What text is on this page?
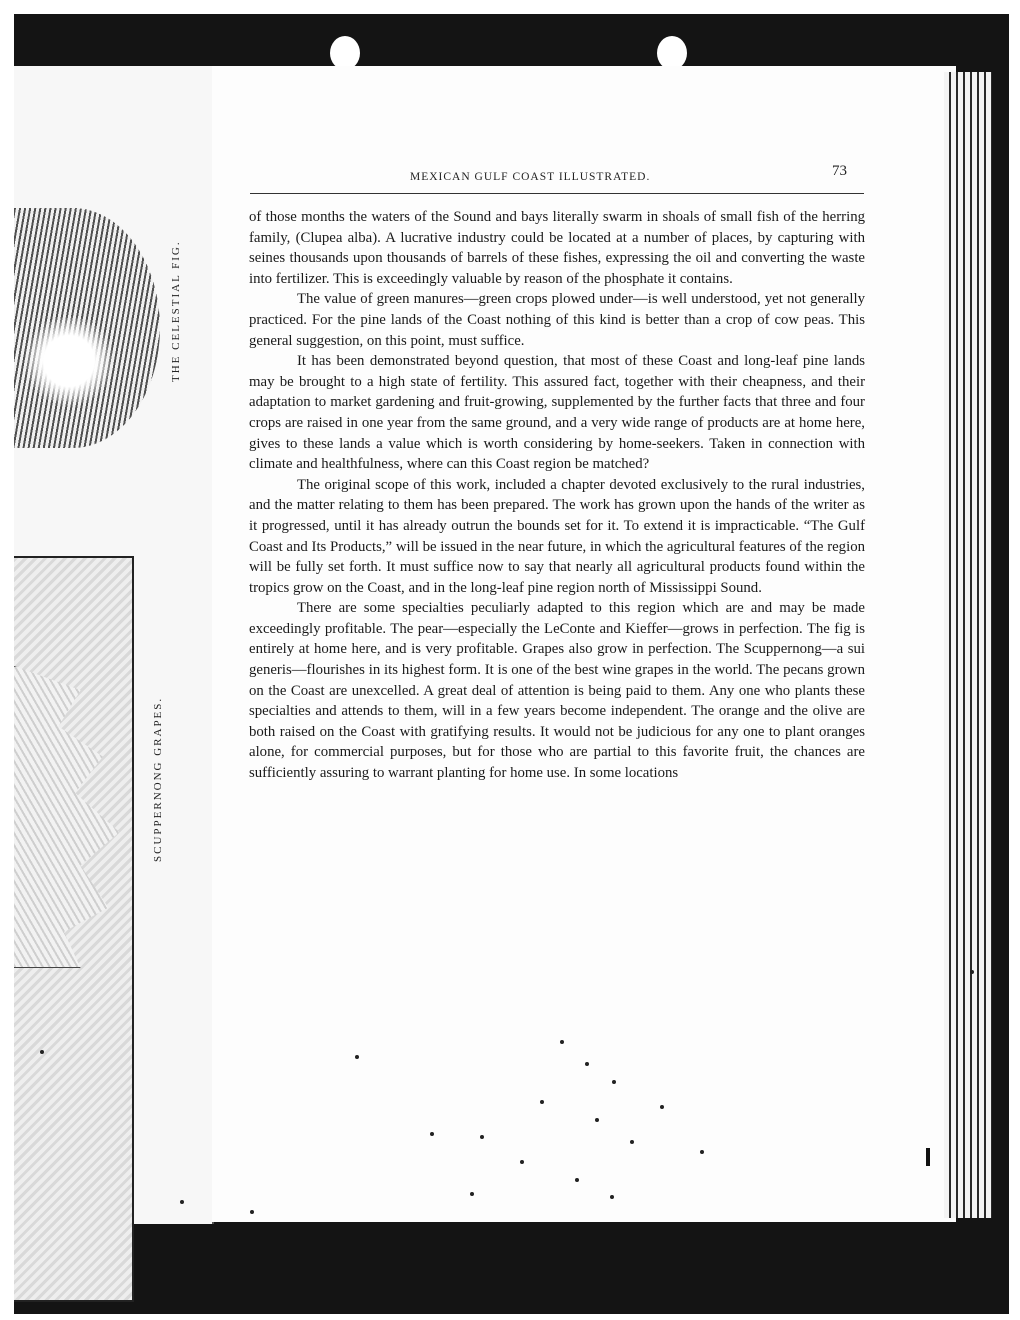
THE CELESTIAL FIG.
SCUPPERNONG GRAPES.
MEXICAN GULF COAST ILLUSTRATED.	73

of those months the waters of the Sound and bays literally swarm in shoals of small fish of the herring family, (Clupea alba). A lucrative industry could be located at a number of places, by capturing with seines thousands upon thousands of barrels of these fishes, expressing the oil and converting the waste into fertilizer. This is exceedingly valuable by reason of the phosphate it contains.

The value of green manures—green crops plowed under—is well understood, yet not generally practiced. For the pine lands of the Coast nothing of this kind is better than a crop of cow peas. This general suggestion, on this point, must suffice.

It has been demonstrated beyond question, that most of these Coast and long-leaf pine lands may be brought to a high state of fertility. This assured fact, together with their cheapness, and their adaptation to market gardening and fruit-growing, supplemented by the further facts that three and four crops are raised in one year from the same ground, and a very wide range of products are at home here, gives to these lands a value which is worth considering by home-seekers. Taken in connection with climate and healthfulness, where can this Coast region be matched?

The original scope of this work, included a chapter devoted exclusively to the rural industries, and the matter relating to them has been prepared. The work has grown upon the hands of the writer as it progressed, until it has already outrun the bounds set for it. To extend it is impracticable. “The Gulf Coast and Its Products,” will be issued in the near future, in which the agricultural features of the region will be fully set forth. It must suffice now to say that nearly all agricultural products found within the tropics grow on the Coast, and in the long-leaf pine region north of Mississippi Sound.

There are some specialties peculiarly adapted to this region which are and may be made exceedingly profitable. The pear—especially the LeConte and Kieffer—grows in perfection. The fig is entirely at home here, and is very profitable. Grapes also grow in perfection. The Scuppernong—a sui generis—flourishes in its highest form. It is one of the best wine grapes in the world. The pecans grown on the Coast are unexcelled. A great deal of attention is being paid to them. Any one who plants these specialties and attends to them, will in a few years become independent. The orange and the olive are both raised on the Coast with gratifying results. It would not be judicious for any one to plant oranges alone, for commercial purposes, but for those who are partial to this favorite fruit, the chances are sufficiently assuring to warrant planting for home use. In some locations
